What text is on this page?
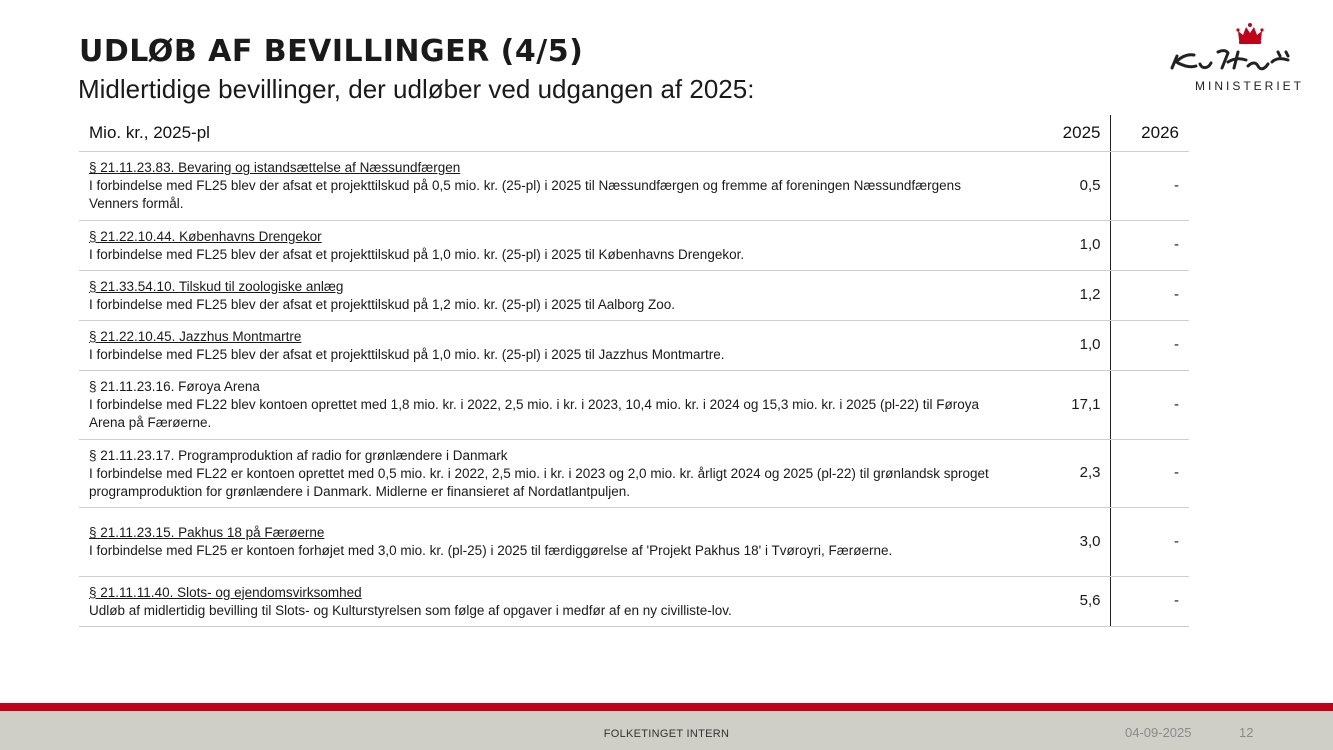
UDLØB AF BEVILLINGER (4/5)
Midlertidige bevillinger, der udløber ved udgangen af 2025:	MINISTERIET
Mio. kr., 2025-pl	2025	2026

§ 21.11.23.83. Bevaring og istandsættelse af Næssundfærgen
I forbindelse med FL25 blev der afsat et projekttilskud på 0,5 mio. kr. (25-pl) i 2025 til Næssundfærgen og fremme af foreningen Næssundfærgens Venners formål.	0,5	-

§ 21.22.10.44. Københavns Drengekor
I forbindelse med FL25 blev der afsat et projekttilskud på 1,0 mio. kr. (25-pl) i 2025 til Københavns Drengekor.	1,0	-

§ 21.33.54.10. Tilskud til zoologiske anlæg
I forbindelse med FL25 blev der afsat et projekttilskud på 1,2 mio. kr. (25-pl) i 2025 til Aalborg Zoo.	1,2	-

§ 21.22.10.45. Jazzhus Montmartre
I forbindelse med FL25 blev der afsat et projekttilskud på 1,0 mio. kr. (25-pl) i 2025 til Jazzhus Montmartre.	1,0	-

§ 21.11.23.16. Føroya Arena
I forbindelse med FL22 blev kontoen oprettet med 1,8 mio. kr. i 2022, 2,5 mio. i kr. i 2023, 10,4 mio. kr. i 2024 og 15,3 mio. kr. i 2025 (pl-22) til Føroya Arena på Færøerne.	17,1	-

§ 21.11.23.17. Programproduktion af radio for grønlændere i Danmark
I forbindelse med FL22 er kontoen oprettet med 0,5 mio. kr. i 2022, 2,5 mio. i kr. i 2023 og 2,0 mio. kr. årligt 2024 og 2025 (pl-22) til grønlandsk sproget programproduktion for grønlændere i Danmark. Midlerne er finansieret af Nordatlantpuljen.	2,3	-

§ 21.11.23.15. Pakhus 18 på Færøerne
I forbindelse med FL25 er kontoen forhøjet med 3,0 mio. kr. (pl-25) i 2025 til færdiggørelse af 'Projekt Pakhus 18' i Tvøroyri, Færøerne.	3,0	-

§ 21.11.11.40. Slots- og ejendomsvirksomhed
Udløb af midlertidig bevilling til Slots- og Kulturstyrelsen som følge af opgaver i medfør af en ny civilliste-lov.	5,6	-
FOLKETINGET INTERN	04-09-2025	12
